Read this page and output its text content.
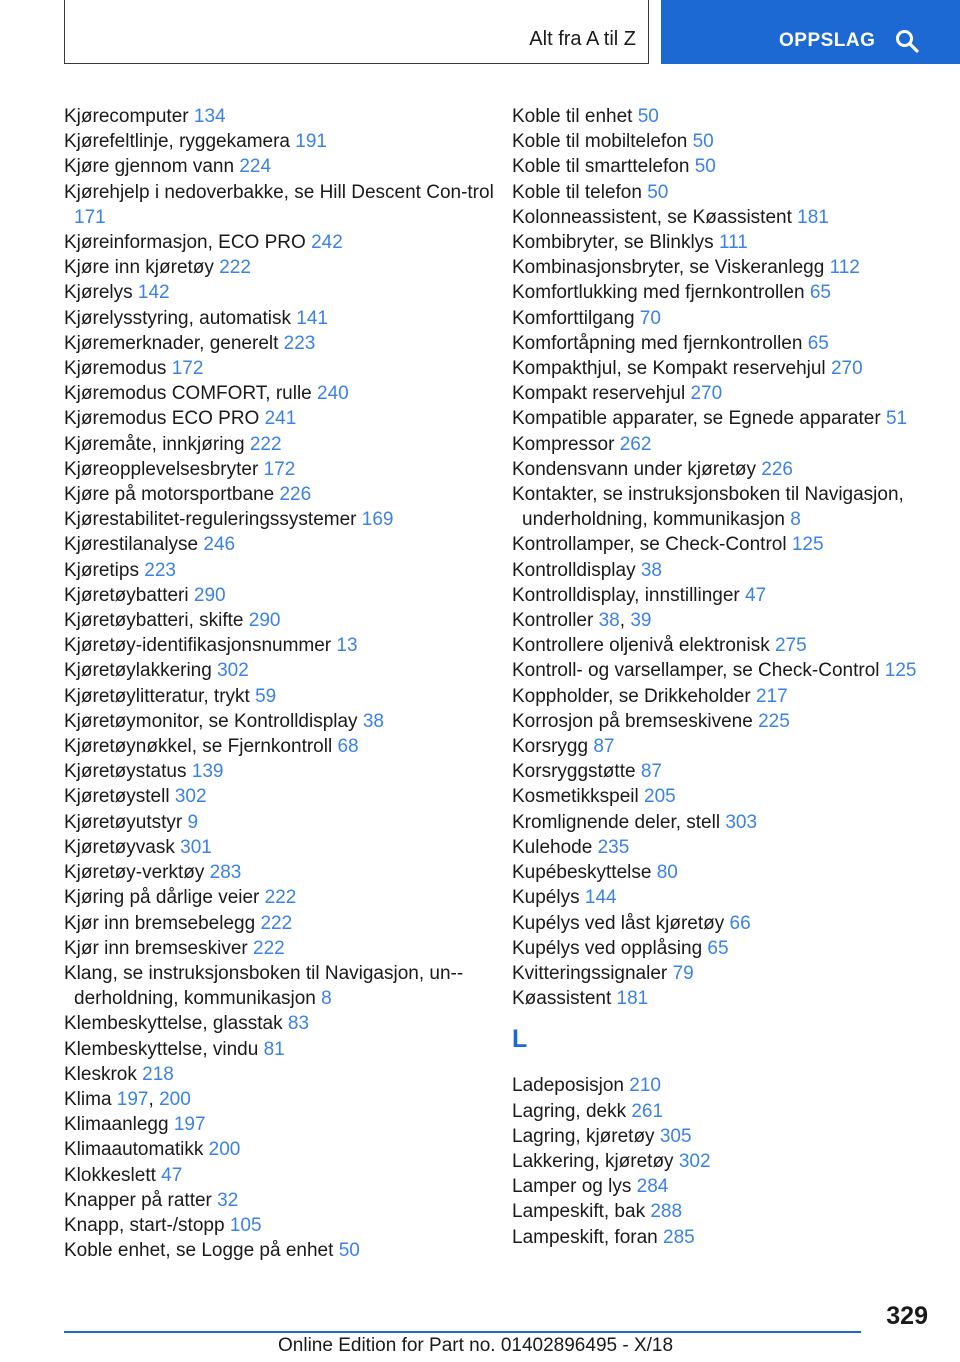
Alt fra A til Z	OPPSLAG
Kjørecomputer 134
Kjørefeltlinje, ryggekamera 191
Kjøre gjennom vann 224
Kjørehjelp i nedoverbakke, se Hill Descent Con-trol 171
Kjøreinformasjon, ECO PRO 242
Kjøre inn kjøretøy 222
Kjørelys 142
Kjørelysstyring, automatisk 141
Kjøremerknader, generelt 223
Kjøremodus 172
Kjøremodus COMFORT, rulle 240
Kjøremodus ECO PRO 241
Kjøremåte, innkjøring 222
Kjøreopplevelsesbryter 172
Kjøre på motorsportbane 226
Kjørestabilitet-reguleringssystemer 169
Kjørestilanalyse 246
Kjøretips 223
Kjøretøybatteri 290
Kjøretøybatteri, skifte 290
Kjøretøy-identifikasjonsnummer 13
Kjøretøylakkering 302
Kjøretøylitteratur, trykt 59
Kjøretøymonitor, se Kontrolldisplay 38
Kjøretøynøkkel, se Fjernkontroll 68
Kjøretøystatus 139
Kjøretøystell 302
Kjøretøyutstyr 9
Kjøretøyvask 301
Kjøretøy-verktøy 283
Kjøring på dårlige veier 222
Kjør inn bremsebelegg 222
Kjør inn bremseskiver 222
Klang, se instruksjonsboken til Navigasjon, un-derholdning, kommunikasjon 8
Klembeskyttelse, glasstak 83
Klembeskyttelse, vindu 81
Kleskrok 218
Klima 197, 200
Klimaanlegg 197
Klimaautomatikk 200
Klokkeslett 47
Knapper på ratter 32
Knapp, start-/stopp 105
Koble enhet, se Logge på enhet 50
Koble til enhet 50
Koble til mobiltelefon 50
Koble til smarttelefon 50
Koble til telefon 50
Kolonneassistent, se Køassistent 181
Kombibryter, se Blinklys 111
Kombinasjonsbryter, se Viskeranlegg 112
Komfortlukking med fjernkontrollen 65
Komforttilgang 70
Komfortåpning med fjernkontrollen 65
Kompakthjul, se Kompakt reservehjul 270
Kompakt reservehjul 270
Kompatible apparater, se Egnede apparater 51
Kompressor 262
Kondensvann under kjøretøy 226
Kontakter, se instruksjonsboken til Navigasjon, underholdning, kommunikasjon 8
Kontrollamper, se Check-Control 125
Kontrolldisplay 38
Kontrolldisplay, innstillinger 47
Kontroller 38, 39
Kontrollere oljenivå elektronisk 275
Kontroll- og varsellamper, se Check-Control 125
Koppholder, se Drikkeholder 217
Korrosjon på bremseskivene 225
Korsrygg 87
Korsryggstøtte 87
Kosmetikkspeil 205
Kromlignende deler, stell 303
Kulehode 235
Kupébeskyttelse 80
Kupélys 144
Kupélys ved låst kjøretøy 66
Kupélys ved opplåsing 65
Kvitteringssignaler 79
Køassistent 181
L
Ladeposisjon 210
Lagring, dekk 261
Lagring, kjøretøy 305
Lakkering, kjøretøy 302
Lamper og lys 284
Lampeskift, bak 288
Lampeskift, foran 285
329
Online Edition for Part no. 01402896495 - X/18
